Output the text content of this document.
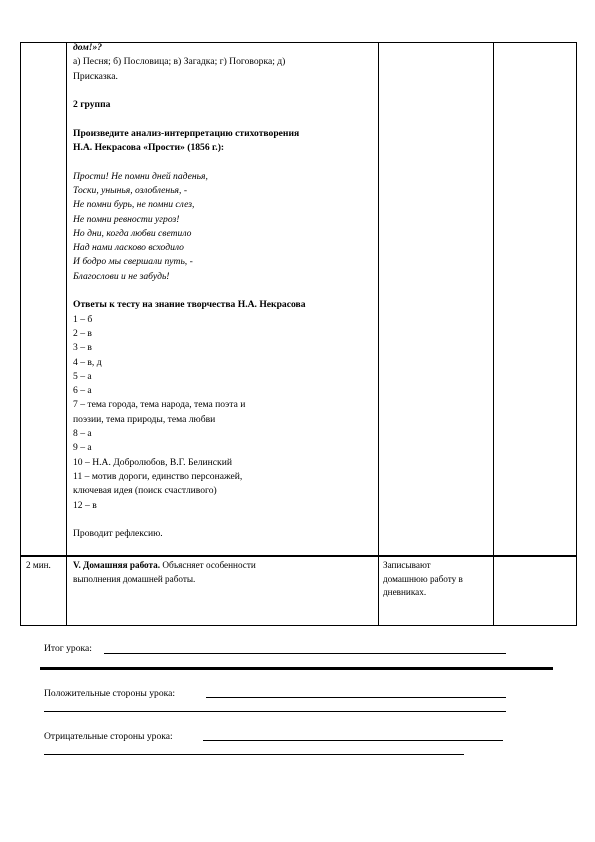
дом!»?

а) Песня; б) Пословица; в) Загадка; г) Поговорка; д)

Присказка.

2 группа

Произведите анализ-интерпретацию стихотворения

Н.А. Некрасова «Прости» (1856 г.):

Прости! Не помни дней паденья,

Тоски, унынья, озлобленья, -

Не помни бурь, не помни слез,

Не помни ревности угроз!

Но дни, когда любви светило

Над нами ласково всходило

И бодро мы свершали путь, -

Благослови и не забудь!

Ответы к тесту на знание творчества Н.А. Некрасова

1 – б

2 – в

3 – в

4 – в, д

5 – а

6 – а

7 – тема города, тема народа, тема поэта и

поэзии, тема природы, тема любви

8 – а

9 – а

10 – Н.А. Добролюбов, В.Г. Белинский

11 – мотив дороги, единство персонажей,

ключевая идея (поиск счастливого)

12 – в

Проводит рефлексию.

2 мин. V. Домашняя работа. Объясняет особенности

выполнения домашней работы.

Записывают

домашнюю работу в

дневниках.

Итог урока:
Положительные стороны урока:
Отрицательные стороны урока:
